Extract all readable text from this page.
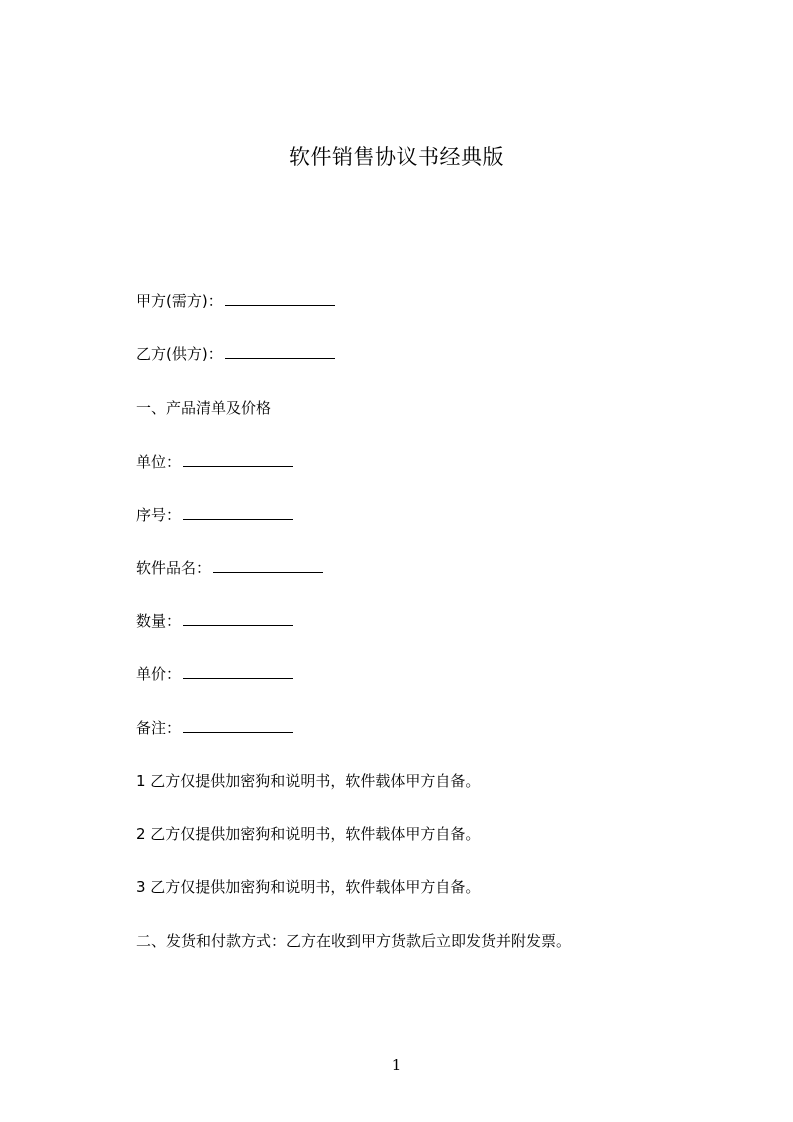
软件销售协议书经典版
甲方(需方)：
乙方(供方)：
一、产品清单及价格
单位：
序号：
软件品名：
数量：
单价：
备注：
1 乙方仅提供加密狗和说明书，软件载体甲方自备。
2 乙方仅提供加密狗和说明书，软件载体甲方自备。
3 乙方仅提供加密狗和说明书，软件载体甲方自备。
二、发货和付款方式：乙方在收到甲方货款后立即发货并附发票。
1
